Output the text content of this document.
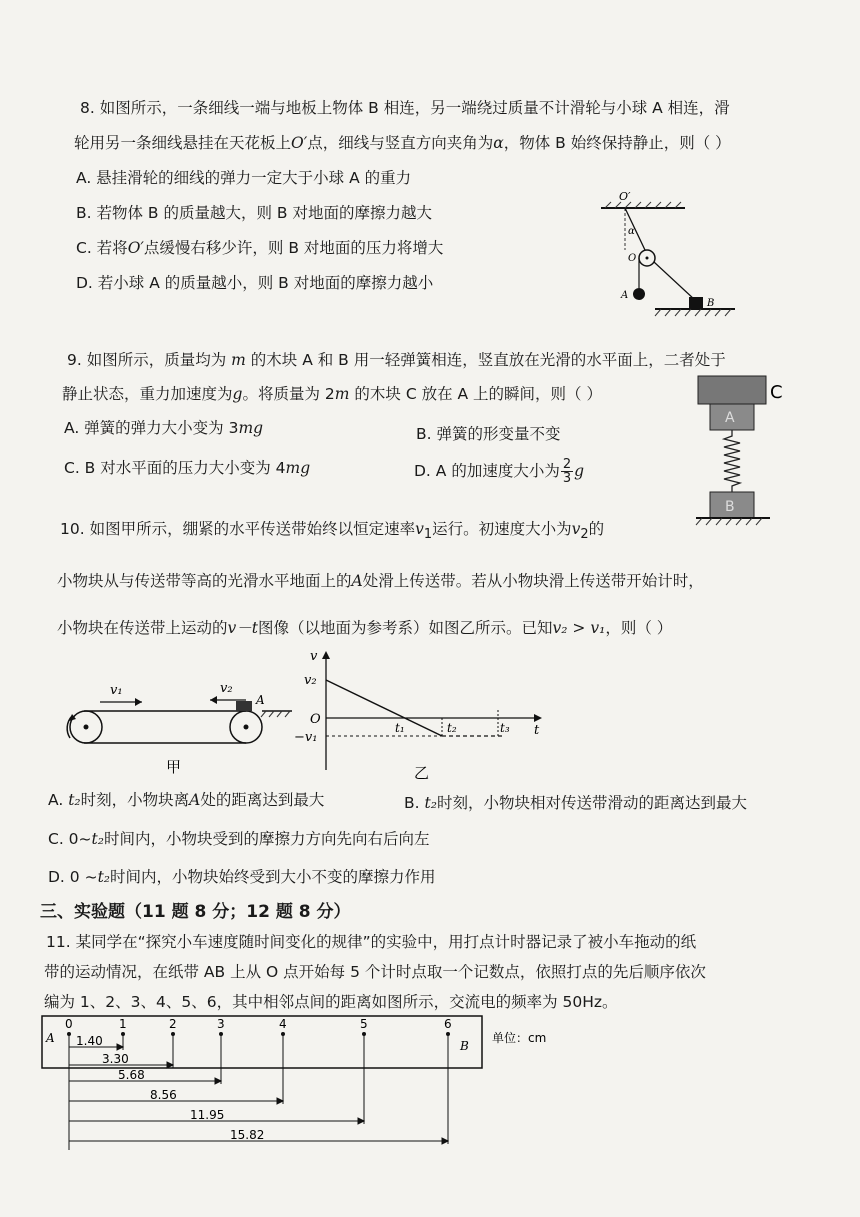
8. 如图所示，一条细线一端与地板上物体 B 相连，另一端绕过质量不计滑轮与小球 A 相连，滑
轮用另一条细线悬挂在天花板上O′点，细线与竖直方向夹角为α，物体 B 始终保持静止，则（ ）
A. 悬挂滑轮的细线的弹力一定大于小球 A 的重力
B. 若物体 B 的质量越大，则 B 对地面的摩擦力越大
C. 若将O′点缓慢右移少许，则 B 对地面的压力将增大
D. 若小球 A 的质量越小，则 B 对地面的摩擦力越小
O′
α
O
A
B
9. 如图所示，质量均为 m 的木块 A 和 B 用一轻弹簧相连，竖直放在光滑的水平面上，二者处于
静止状态，重力加速度为g。将质量为 2m 的木块 C 放在 A 上的瞬间，则（ ）
A. 弹簧的弹力大小变为 3mg	B. 弹簧的形变量不变
C. B 对水平面的压力大小变为 4mg	D. A 的加速度大小为 $\frac{2}{3}$ g
C
A
B
10. 如图甲所示，绷紧的水平传送带始终以恒定速率$v_1$运行。初速度大小为$v_2$的
小物块从与传送带等高的光滑水平地面上的A处滑上传送带。若从小物块滑上传送带开始计时，
小物块在传送带上运动的v－t图像（以地面为参考系）如图乙所示。已知v₂ > v₁，则（ ）
v₁	v₂
A
甲
v
v₂
O
−v₁
t₁	t₂	t₃ t
乙
A. t₂时刻，小物块离A处的距离达到最大	B. t₂时刻，小物块相对传送带滑动的距离达到最大
C. 0~t₂时间内，小物块受到的摩擦力方向先向右后向左
D. 0 ~t₂时间内，小物块始终受到大小不变的摩擦力作用
三、实验题（11 题 8 分；12 题 8 分）
11. 某同学在“探究小车速度随时间变化的规律”的实验中，用打点计时器记录了被小车拖动的纸
带的运动情况，在纸带 AB 上从 O 点开始每 5 个计时点取一个记数点，依照打点的先后顺序依次
编为 1、2、3、4、5、6，其中相邻点间的距离如图所示，交流电的频率为 50Hz。
A
B
单位：cm
0	1	2	3	4	5	6
1.40
3.30
5.68
8.56
11.95
15.82
